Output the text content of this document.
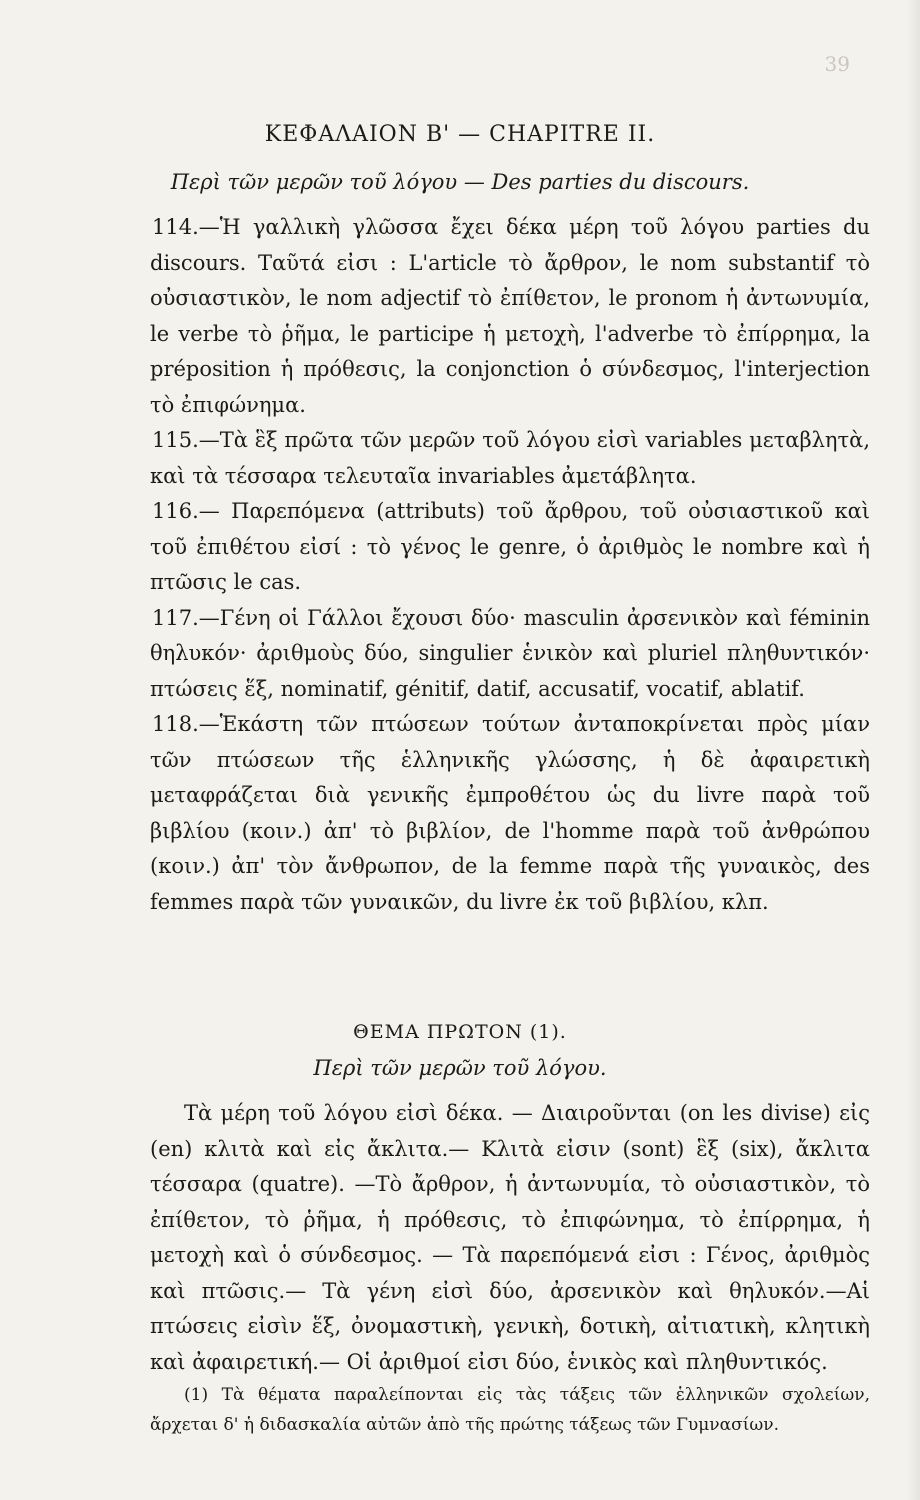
39
ΚΕΦΑΛΑΙΟΝ Β' — CHAPITRE II.
Περὶ τῶν μερῶν τοῦ λόγου — Des parties du discours.

114.—Ἡ γαλλικὴ γλῶσσα ἔχει δέκα μέρη τοῦ λόγου parties du discours. Ταῦτά εἰσι : L'article τὸ ἄρθρον, le nom substantif τὸ οὐσιαστικὸν, le nom adjectif τὸ ἐπίθετον, le pronom ἡ ἀντωνυμία, le verbe τὸ ῥῆμα, le participe ἡ μετοχὴ, l'adverbe τὸ ἐπίρρημα, la préposition ἡ πρόθεσις, la conjonction ὁ σύνδεσμος, l'interjection τὸ ἐπιφώνημα.

115.—Τὰ ἓξ πρῶτα τῶν μερῶν τοῦ λόγου εἰσὶ variables μεταβλητὰ, καὶ τὰ τέσσαρα τελευταῖα invariables ἀμετάβλητα.

116.— Παρεπόμενα (attributs) τοῦ ἄρθρου, τοῦ οὐσιαστικοῦ καὶ τοῦ ἐπιθέτου εἰσί : τὸ γένος le genre, ὁ ἀριθμὸς le nombre καὶ ἡ πτῶσις le cas.

117.—Γένη οἱ Γάλλοι ἔχουσι δύο· masculin ἀρσενικὸν καὶ féminin θηλυκόν· ἀριθμοὺς δύο, singulier ἑνικὸν καὶ pluriel πληθυντικόν· πτώσεις ἕξ, nominatif, génitif, datif, accusatif, vocatif, ablatif.

118.—Ἑκάστη τῶν πτώσεων τούτων ἀνταποκρίνεται πρὸς μίαν τῶν πτώσεων τῆς ἑλληνικῆς γλώσσης, ἡ δὲ ἀφαιρετικὴ μεταφράζεται διὰ γενικῆς ἐμπροθέτου ὡς du livre παρὰ τοῦ βιβλίου (κοιν.) ἀπ' τὸ βιβλίον, de l'homme παρὰ τοῦ ἀνθρώπου (κοιν.) ἀπ' τὸν ἄνθρωπον, de la femme παρὰ τῆς γυναικὸς, des femmes παρὰ τῶν γυναικῶν, du livre ἐκ τοῦ βιβλίου, κλπ.

ΘΕΜΑ ΠΡΩΤΟΝ (1).
Περὶ τῶν μερῶν τοῦ λόγου.
Τὰ μέρη τοῦ λόγου εἰσὶ δέκα. — Διαιροῦνται (on les divise) εἰς (en) κλιτὰ καὶ εἰς ἄκλιτα.— Κλιτὰ εἰσιν (sont) ἓξ (six), ἄκλιτα τέσσαρα (quatre). —Τὸ ἄρθρον, ἡ ἀντωνυμία, τὸ οὐσιαστικὸν, τὸ ἐπίθετον, τὸ ῥῆμα, ἡ πρόθεσις, τὸ ἐπιφώνημα, τὸ ἐπίρρημα, ἡ μετοχὴ καὶ ὁ σύνδεσμος. — Τὰ παρεπόμενά εἰσι : Γένος, ἀριθμὸς καὶ πτῶσις.— Τὰ γένη εἰσὶ δύο, ἀρσενικὸν καὶ θηλυκόν.—Αἱ πτώσεις εἰσὶν ἕξ, ὀνομαστικὴ, γενικὴ, δοτικὴ, αἰτιατικὴ, κλητικὴ καὶ ἀφαιρετική.— Οἱ ἀριθμοί εἰσι δύο, ἑνικὸς καὶ πληθυντικός.
(1) Τὰ θέματα παραλείπονται εἰς τὰς τάξεις τῶν ἑλληνικῶν σχολείων, ἄρχεται δ' ἡ διδασκαλία αὐτῶν ἀπὸ τῆς πρώτης τάξεως τῶν Γυμνασίων.
